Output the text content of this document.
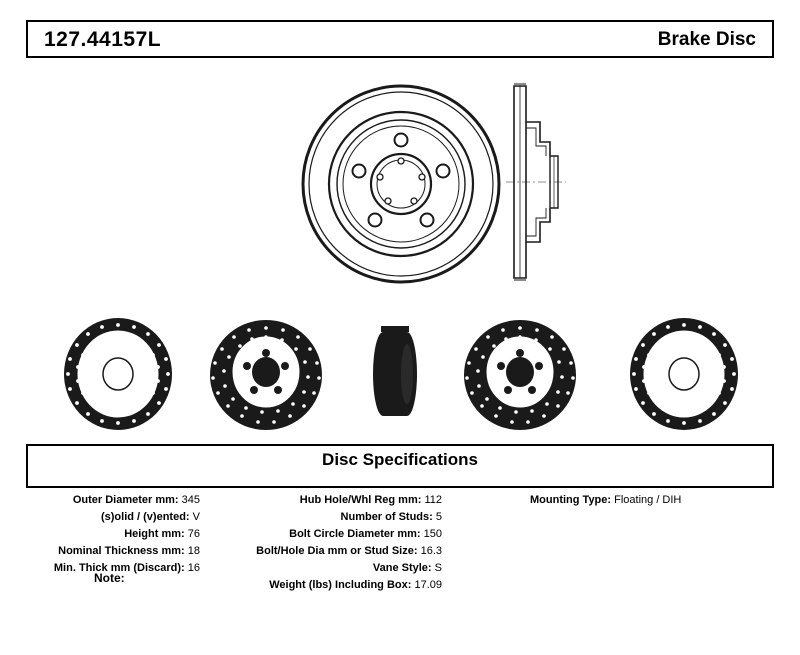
127.44157L	Brake Disc
Disc Specifications
Outer Diameter mm: 345
(s)olid / (v)ented: V
Height mm: 76
Nominal Thickness mm: 18
Min. Thick mm (Discard): 16
Hub Hole/Whl Reg mm: 112
Number of Studs: 5
Bolt Circle Diameter mm: 150
Bolt/Hole Dia mm or Stud Size: 16.3
Vane Style: S
Weight (lbs) Including Box: 17.09
Mounting Type: Floating / DIH
Note:
